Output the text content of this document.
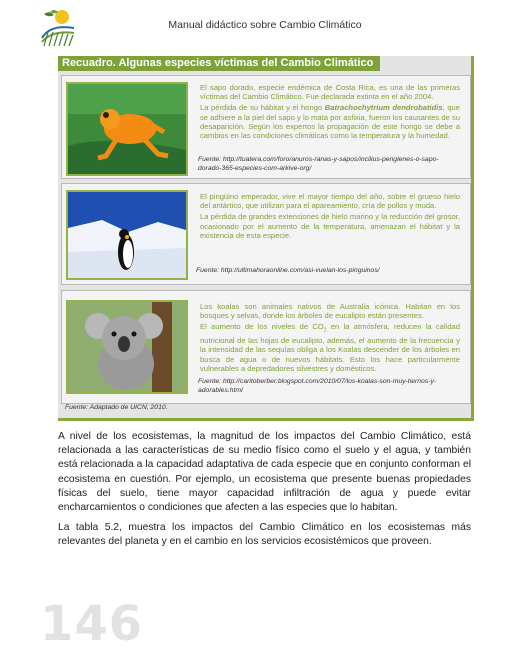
Manual didáctico sobre Cambio Climático
Recuadro. Algunas especies víctimas del Cambio Climático

El sapo dorado, especie endémica de Costa Rica, es una de las primeras víctimas del Cambio Climático. Fue declarada extinta en el año 2004.

La pérdida de su hábitat y el hongo Batrachochytrium dendrobatidis, que se adhiere a la piel del sapo y lo mata por asfixia, fueron los causantes de su desaparición. Según los expertos la propagación de este hongo se debe a cambios en las condiciones climáticas como la temperatura y la humedad.

Fuente: http://tuatera.com/foro/anuros-ranas-y-sapos/incilius-periglenes-o-sapo-dorado-365-especies-com-arkive-org/

El pingüino emperador, vive el mayor tiempo del año, sobre el grueso hielo del antártico, que utilizan para el apareamiento, cría de pollos y muda.

La pérdida de grandes extensiones de hielo marino y la reducción del grosor, ocasionado por el aumento de la temperatura, amenazan el hábitat y la existencia de esta especie.

Fuente: http://ultimahoraonline.com/asi-vuelan-los-pinguinos/

Los koalas son animales nativos de Australia icónica. Habitan en los bosques y selvas, donde los árboles de eucalipto están presentes.

El aumento de los niveles de $CO_2$ en la atmósfera, reducen la calidad nutricional de las hojas de eucalipto, además, el aumento de la frecuencia y la intensidad de las sequías obliga a los Koalas descender de los árboles en busca de agua o de nuevos hábitats. Esto los hace particularmente vulnerables a depredadores silvestres y domésticos.

Fuente: http://caritoberber.blogspot.com/2010/07/los-koalas-son-muy-tiernos-y-adorables.html
Fuente: Adaptado de UICN, 2010.

A nivel de los ecosistemas, la magnitud de los impactos del Cambio Climático, está relacionada a las características de su medio físico como el suelo y el agua, y también está relacionada a la capacidad adaptativa de cada especie que en conjunto conforman el ecosistema en cuestión. Por ejemplo, un ecosistema que presente buenas propiedades físicas del suelo, tiene mayor capacidad infiltración de agua y puede evitar encharcamientos o condiciones que afecten a las especies que lo habitan.

La tabla 5.2, muestra los impactos del Cambio Climático en los ecosistemas más relevantes del planeta y en el cambio en los servicios ecosistémicos que proveen.

146
